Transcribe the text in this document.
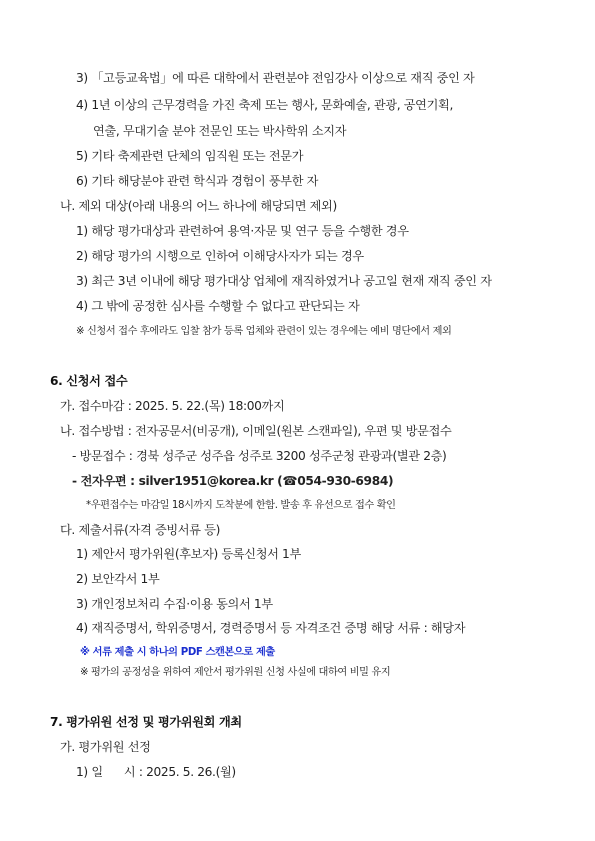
3) 「고등교육법」에 따른 대학에서 관련분야 전임강사 이상으로 재직 중인 자
4) 1년 이상의 근무경력을 가진 축제 또는 행사, 문화예술, 관광, 공연기획,
연출, 무대기술 분야 전문인 또는 박사학위 소지자
5) 기타 축제관련 단체의 임직원 또는 전문가
6) 기타 해당분야 관련 학식과 경험이 풍부한 자
나. 제외 대상(아래 내용의 어느 하나에 해당되면 제외)
1) 해당 평가대상과 관련하여 용역·자문 및 연구 등을 수행한 경우
2) 해당 평가의 시행으로 인하여 이해당사자가 되는 경우
3) 최근 3년 이내에 해당 평가대상 업체에 재직하였거나 공고일 현재 재직 중인 자
4) 그 밖에 공정한 심사를 수행할 수 없다고 판단되는 자
※ 신청서 접수 후에라도 입찰 참가 등록 업체와 관련이 있는 경우에는 예비 명단에서 제외
6. 신청서 접수
가. 접수마감 : 2025. 5. 22.(목) 18:00까지
나. 접수방법 : 전자공문서(비공개), 이메일(원본 스캔파일), 우편 및 방문접수
- 방문접수 : 경북 성주군 성주읍 성주로 3200 성주군청 관광과(별관 2층)
- 전자우편 : silver1951@korea.kr (☎054-930-6984)
*우편접수는 마감일 18시까지 도착분에 한함. 발송 후 유선으로 접수 확인
다. 제출서류(자격 증빙서류 등)
1) 제안서 평가위원(후보자) 등록신청서 1부
2) 보안각서 1부
3) 개인정보처리 수집·이용 동의서 1부
4) 재직증명서, 학위증명서, 경력증명서 등 자격조건 증명 해당 서류 : 해당자
※ 서류 제출 시 하나의 PDF 스캔본으로 제출
※ 평가의 공정성을 위하여 제안서 평가위원 신청 사실에 대하여 비밀 유지
7. 평가위원 선정 및 평가위원회 개최
가. 평가위원 선정
1) 일      시 : 2025. 5. 26.(월)
